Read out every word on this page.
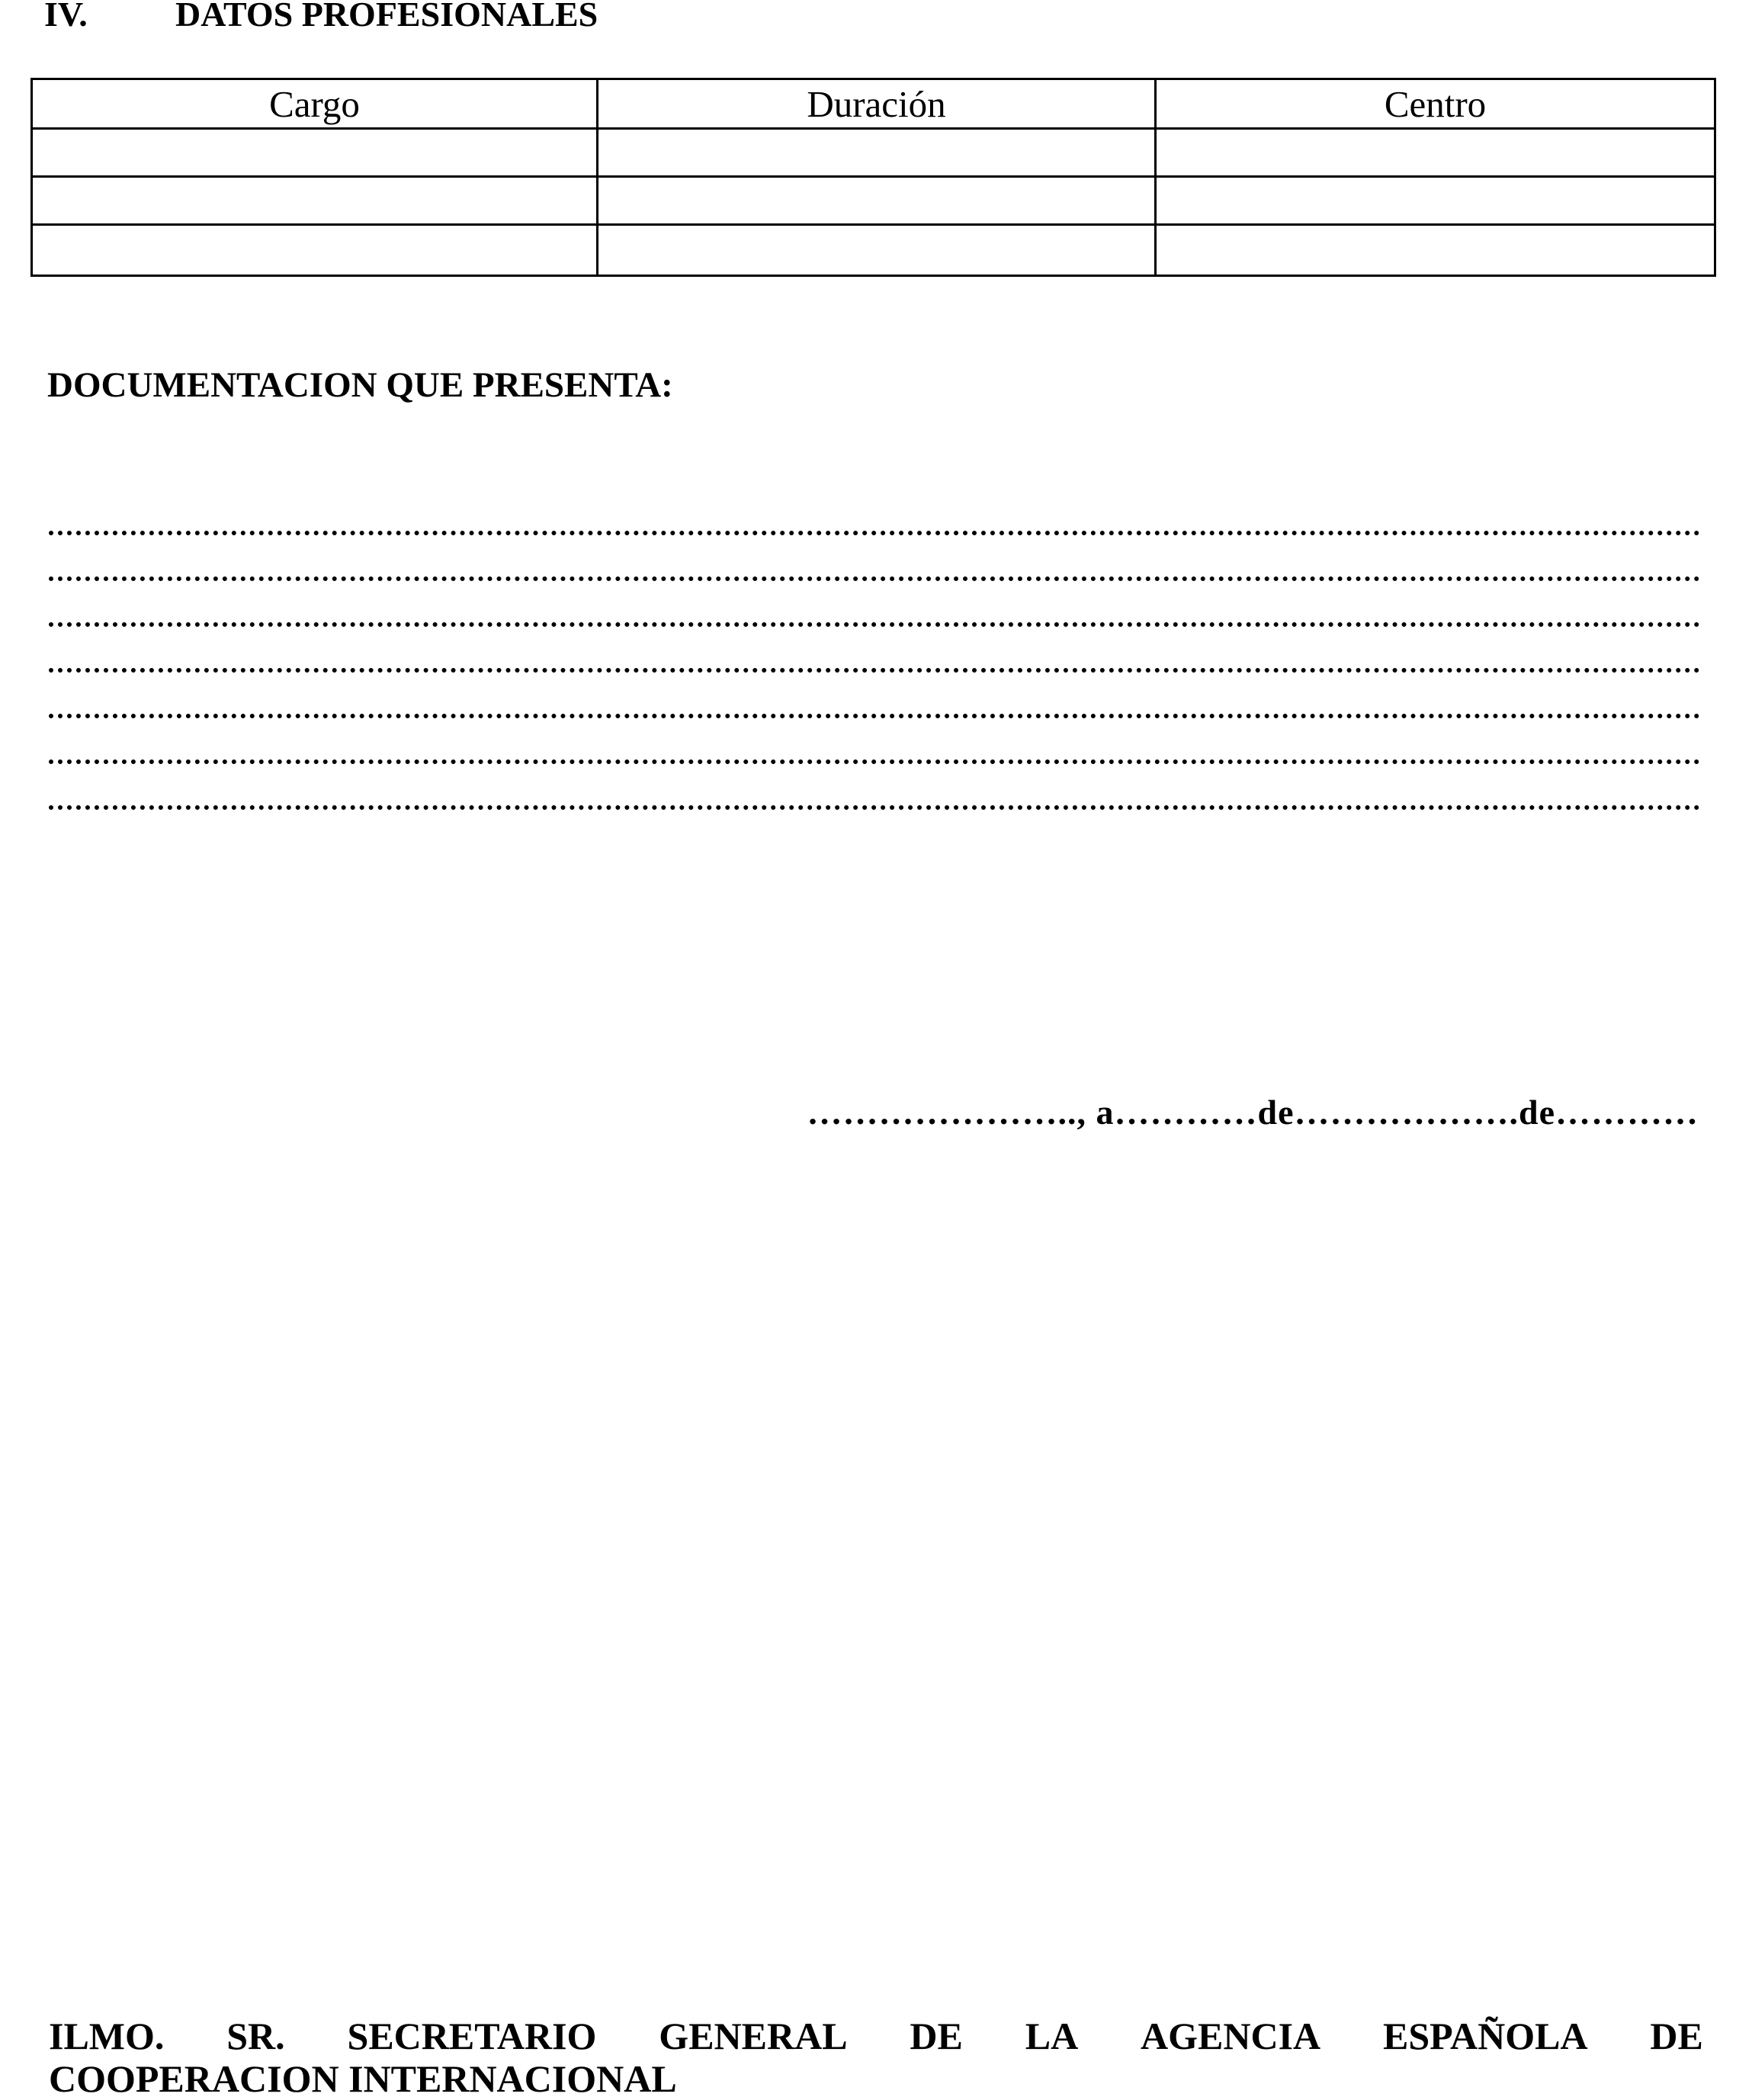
IV.	DATOS PROFESIONALES
Cargo	Duración	Centro

DOCUMENTACION QUE PRESENTA:
………………….., a…………de……………….de…………
ILMO. SR. SECRETARIO GENERAL DE LA AGENCIA ESPAÑOLA DE
COOPERACION INTERNACIONAL
